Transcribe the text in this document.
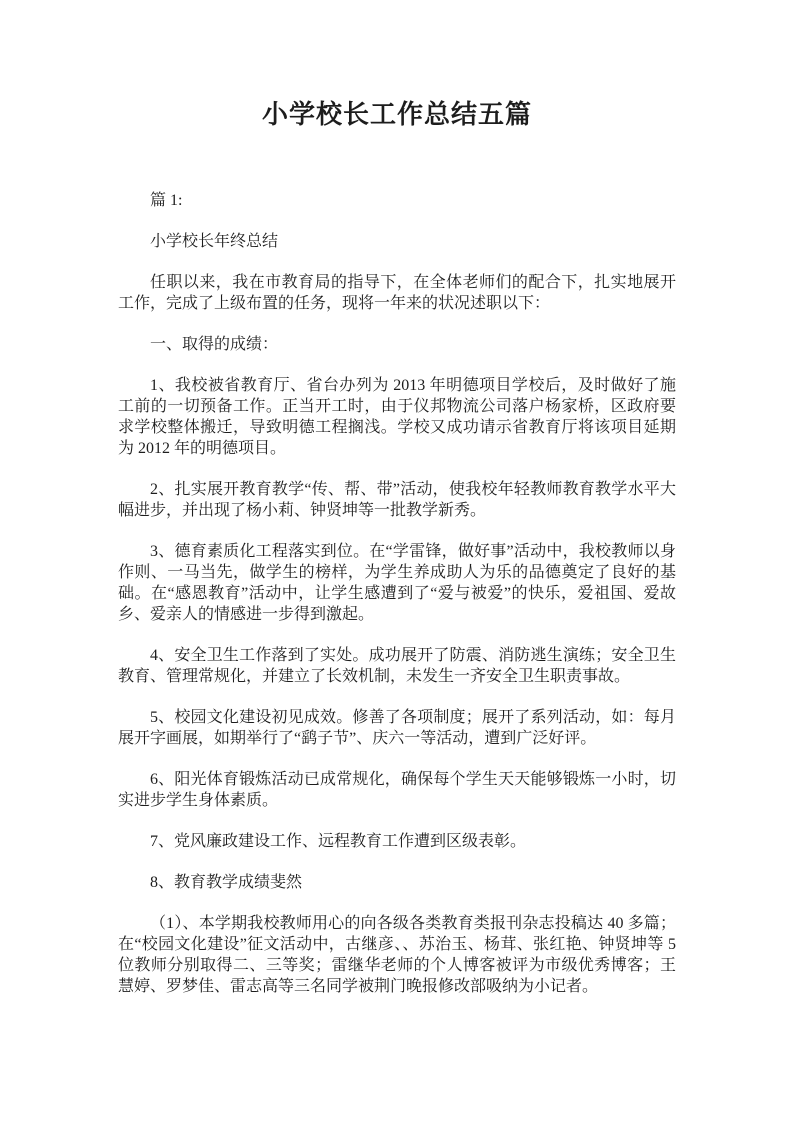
小学校长工作总结五篇

篇 1:

小学校长年终总结

任职以来，我在市教育局的指导下，在全体老师们的配合下，扎实地展开工作，完成了上级布置的任务，现将一年来的状况述职以下：

一、取得的成绩：

1、我校被省教育厅、省台办列为 2013 年明德项目学校后，及时做好了施工前的一切预备工作。正当开工时，由于仪邦物流公司落户杨家桥，区政府要求学校整体搬迁，导致明德工程搁浅。学校又成功请示省教育厅将该项目延期为 2012 年的明德项目。

2、扎实展开教育教学“传、帮、带”活动，使我校年轻教师教育教学水平大幅进步，并出现了杨小莉、钟贤坤等一批教学新秀。

3、德育素质化工程落实到位。在“学雷锋，做好事”活动中，我校教师以身作则、一马当先，做学生的榜样，为学生养成助人为乐的品德奠定了良好的基础。在“感恩教育”活动中，让学生感遭到了“爱与被爱”的快乐，爱祖国、爱故乡、爱亲人的情感进一步得到激起。

4、安全卫生工作落到了实处。成功展开了防震、消防逃生演练；安全卫生教育、管理常规化，并建立了长效机制，未发生一齐安全卫生职责事故。

5、校园文化建设初见成效。修善了各项制度；展开了系列活动，如：每月展开字画展，如期举行了“鹞子节”、庆六一等活动，遭到广泛好评。

6、阳光体育锻炼活动已成常规化，确保每个学生天天能够锻炼一小时，切实进步学生身体素质。

7、党风廉政建设工作、远程教育工作遭到区级表彰。

8、教育教学成绩斐然

（1）、本学期我校教师用心的向各级各类教育类报刊杂志投稿达 40 多篇；在“校园文化建设”征文活动中，古继彦、、苏治玉、杨茸、张红艳、钟贤坤等 5 位教师分别取得二、三等奖；雷继华老师的个人博客被评为市级优秀博客；王慧婷、罗梦佳、雷志高等三名同学被荆门晚报修改部吸纳为小记者。
